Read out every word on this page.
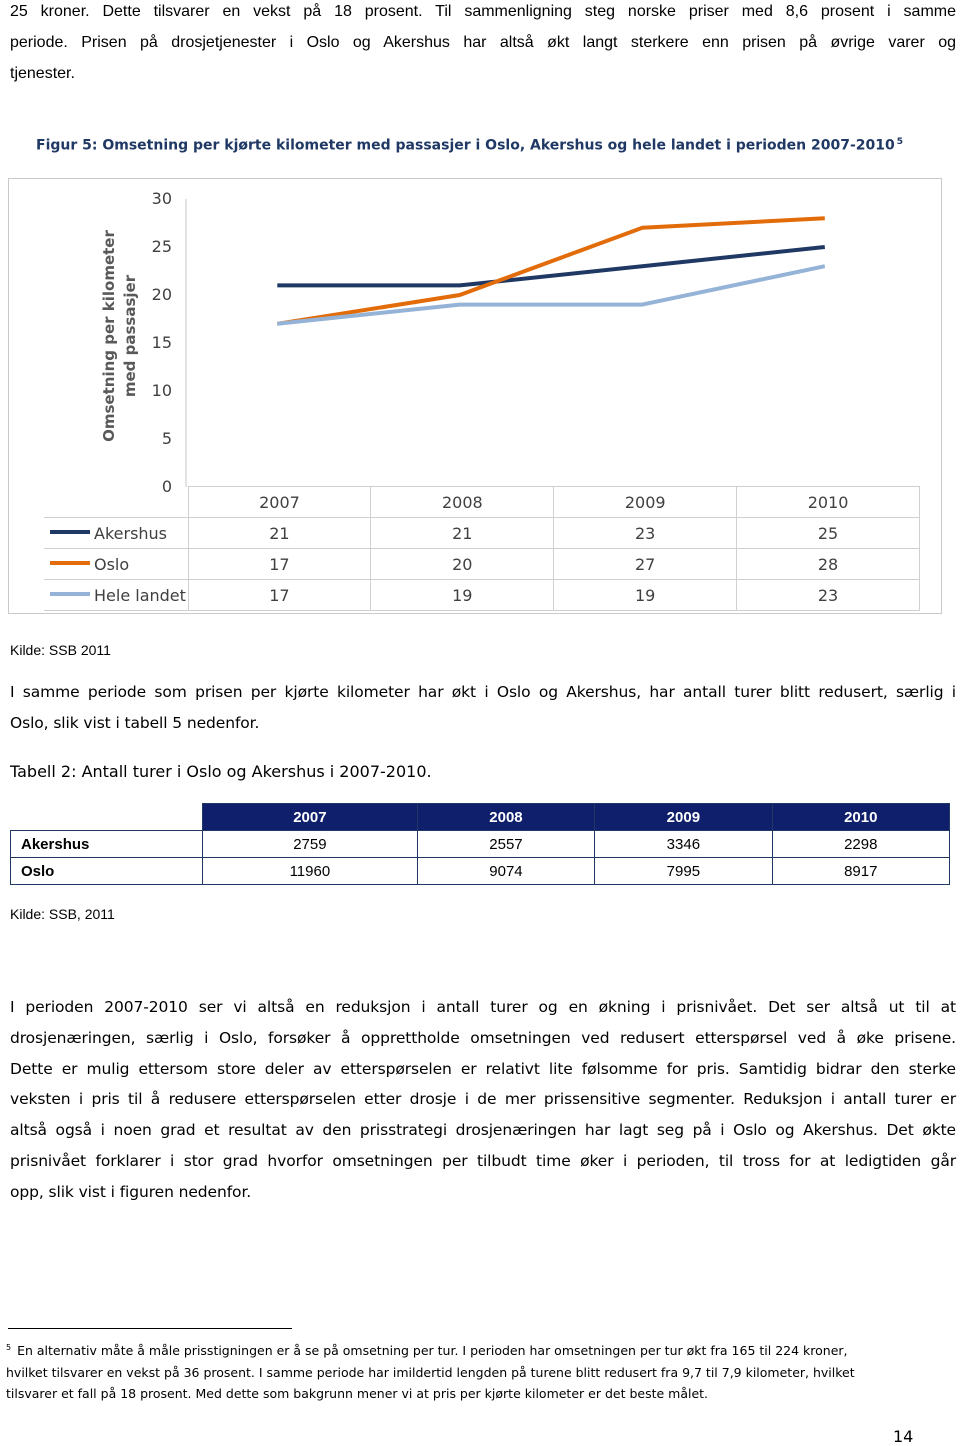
25 kroner. Dette tilsvarer en vekst på 18 prosent. Til sammenligning steg norske priser med 8,6 prosent i samme
periode. Prisen på drosjetjenester i Oslo og Akershus har altså økt langt sterkere enn prisen på øvrige varer og
tjenester.
Figur 5: Omsetning per kjørte kilometer med passasjer i Oslo, Akershus og hele landet i perioden 2007-2010 $^5$
Omsetning per kilometer med passasjer
30
25
20
15
10
5
0
	2007	2008	2009	2010
Akershus	21	21	23	25
Oslo	17	20	27	28
Hele landet	17	19	19	23
Kilde: SSB 2011
I samme periode som prisen per kjørte kilometer har økt i Oslo og Akershus, har antall turer blitt redusert, særlig i
Oslo, slik vist i tabell 5 nedenfor.
Tabell 2: Antall turer i Oslo og Akershus i 2007-2010.
	2007	2008	2009	2010
Akershus	2759	2557	3346	2298
Oslo	11960	9074	7995	8917
Kilde: SSB, 2011
I perioden 2007-2010 ser vi altså en reduksjon i antall turer og en økning i prisnivået. Det ser altså ut til at
drosjenæringen, særlig i Oslo, forsøker å opprettholde omsetningen ved redusert etterspørsel ved å øke prisene.
Dette er mulig ettersom store deler av etterspørselen er relativt lite følsomme for pris. Samtidig bidrar den sterke
veksten i pris til å redusere etterspørselen etter drosje i de mer prissensitive segmenter. Reduksjon i antall turer er
altså også i noen grad et resultat av den prisstrategi drosjenæringen har lagt seg på i Oslo og Akershus. Det økte
prisnivået forklarer i stor grad hvorfor omsetningen per tilbudt time øker i perioden, til tross for at ledigtiden går
opp, slik vist i figuren nedenfor.
$^5$ En alternativ måte å måle prisstigningen er å se på omsetning per tur. I perioden har omsetningen per tur økt fra 165 til 224 kroner,
hvilket tilsvarer en vekst på 36 prosent. I samme periode har imildertid lengden på turene blitt redusert fra 9,7 til 7,9 kilometer, hvilket
tilsvarer et fall på 18 prosent. Med dette som bakgrunn mener vi at pris per kjørte kilometer er det beste målet.
14
